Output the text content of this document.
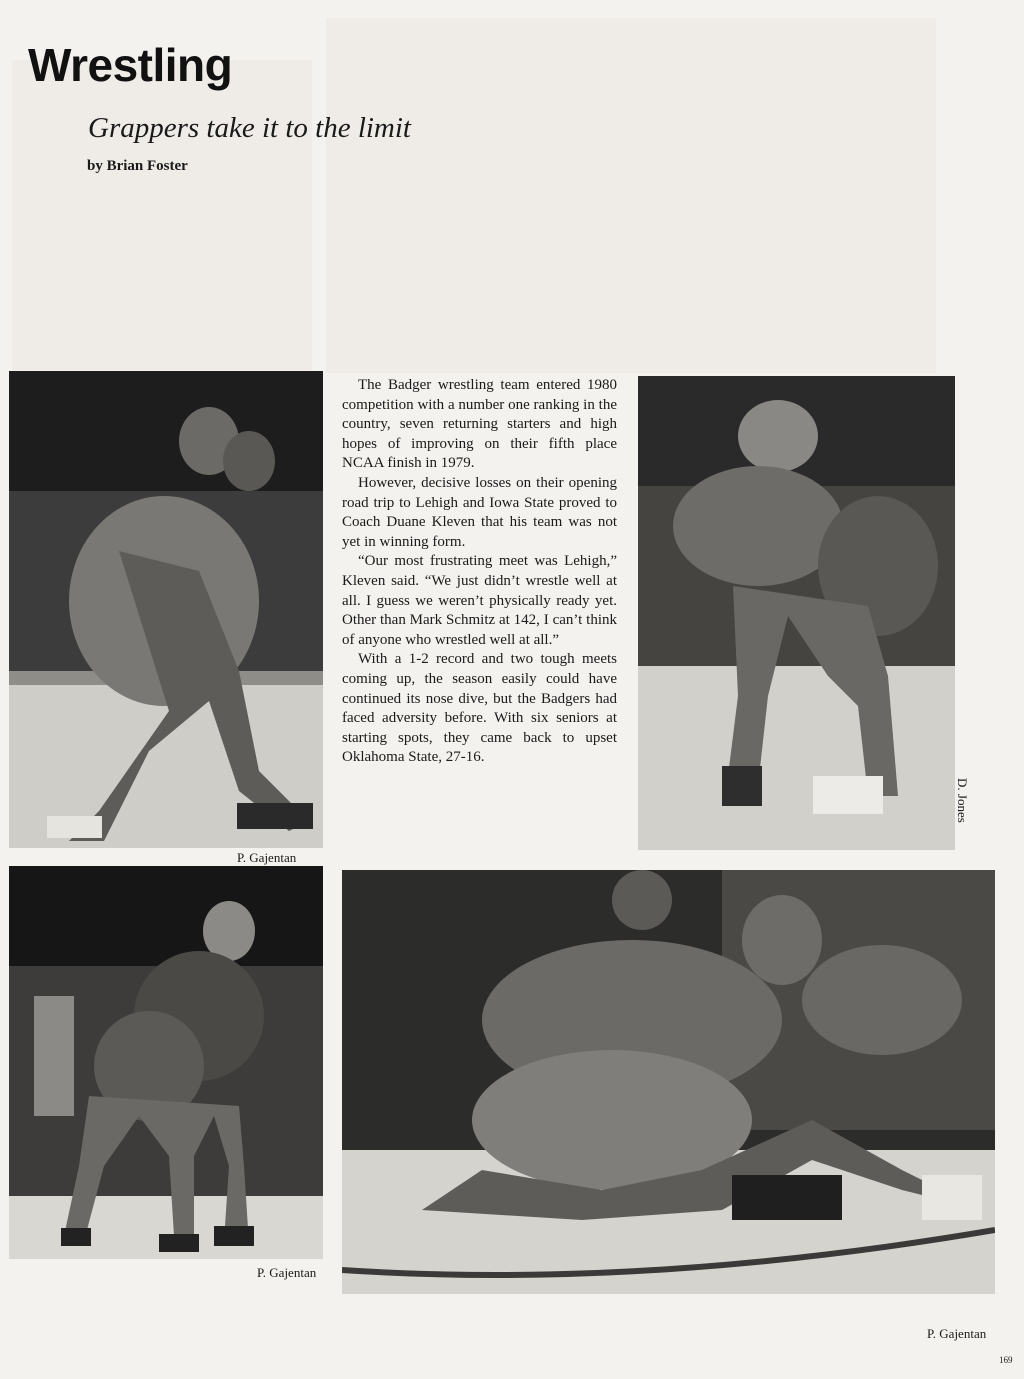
Wrestling
Grappers take it to the limit
by Brian Foster
P. Gajentan

The Badger wrestling team entered 1980 competition with a number one ranking in the country, seven returning starters and high hopes of improving on their fifth place NCAA finish in 1979.

However, decisive losses on their opening road trip to Lehigh and Iowa State proved to Coach Duane Kleven that his team was not yet in winning form.

“Our most frustrating meet was Lehigh,” Kleven said. “We just didn’t wrestle well at all. I guess we weren’t physically ready yet. Other than Mark Schmitz at 142, I can’t think of anyone who wrestled well at all.”

With a 1-2 record and two tough meets coming up, the season easily could have continued its nose dive, but the Badgers had faced adversity before. With six seniors at starting spots, they came back to upset Oklahoma State, 27-16.

D. Jones
P. Gajentan
P. Gajentan
169
